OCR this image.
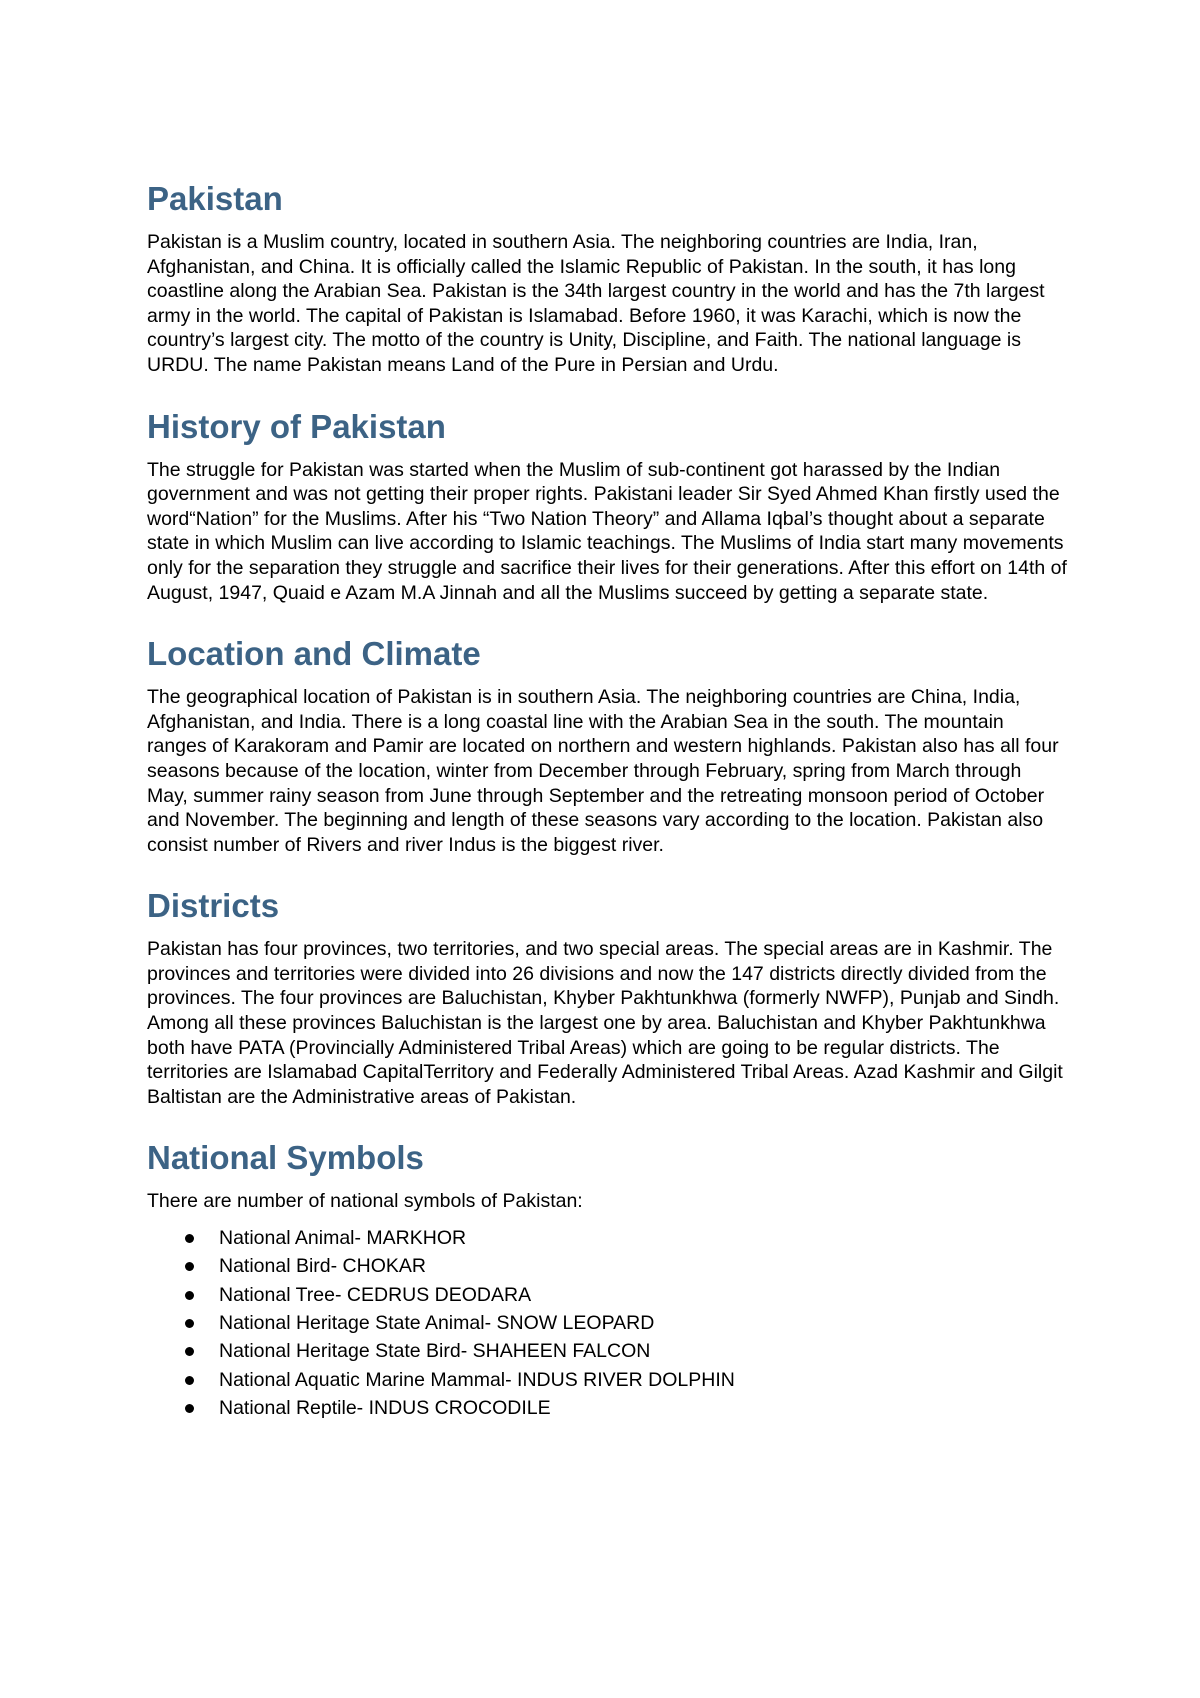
Pakistan

Pakistan is a Muslim country, located in southern Asia. The neighboring countries are India, Iran, Afghanistan, and China. It is officially called the Islamic Republic of Pakistan. In the south, it has long coastline along the Arabian Sea. Pakistan is the 34th largest country in the world and has the 7th largest army in the world. The capital of Pakistan is Islamabad. Before 1960, it was Karachi, which is now the country’s largest city. The motto of the country is Unity, Discipline, and Faith. The national language is URDU. The name Pakistan means Land of the Pure in Persian and Urdu.

History of Pakistan

The struggle for Pakistan was started when the Muslim of sub-continent got harassed by the Indian government and was not getting their proper rights. Pakistani leader Sir Syed Ahmed Khan firstly used the word“Nation” for the Muslims. After his “Two Nation Theory” and Allama Iqbal’s thought about a separate state in which Muslim can live according to Islamic teachings. The Muslims of India start many movements only for the separation they struggle and sacrifice their lives for their generations. After this effort on 14th of August, 1947, Quaid e Azam M.A Jinnah and all the Muslims succeed by getting a separate state.

Location and Climate

The geographical location of Pakistan is in southern Asia. The neighboring countries are China, India, Afghanistan, and India. There is a long coastal line with the Arabian Sea in the south. The mountain ranges of Karakoram and Pamir are located on northern and western highlands. Pakistan also has all four seasons because of the location, winter from December through February, spring from March through May, summer rainy season from June through September and the retreating monsoon period of October and November. The beginning and length of these seasons vary according to the location. Pakistan also consist number of Rivers and river Indus is the biggest river.

Districts

Pakistan has four provinces, two territories, and two special areas. The special areas are in Kashmir. The provinces and territories were divided into 26 divisions and now the 147 districts directly divided from the provinces. The four provinces are Baluchistan, Khyber Pakhtunkhwa (formerly NWFP), Punjab and Sindh. Among all these provinces Baluchistan is the largest one by area. Baluchistan and Khyber Pakhtunkhwa both have PATA (Provincially Administered Tribal Areas) which are going to be regular districts. The territories are Islamabad CapitalTerritory and Federally Administered Tribal Areas. Azad Kashmir and Gilgit Baltistan are the Administrative areas of Pakistan.

National Symbols

There are number of national symbols of Pakistan:

National Animal- MARKHOR
National Bird- CHOKAR
National Tree- CEDRUS DEODARA
National Heritage State Animal- SNOW LEOPARD
National Heritage State Bird- SHAHEEN FALCON
National Aquatic Marine Mammal- INDUS RIVER DOLPHIN
National Reptile- INDUS CROCODILE
